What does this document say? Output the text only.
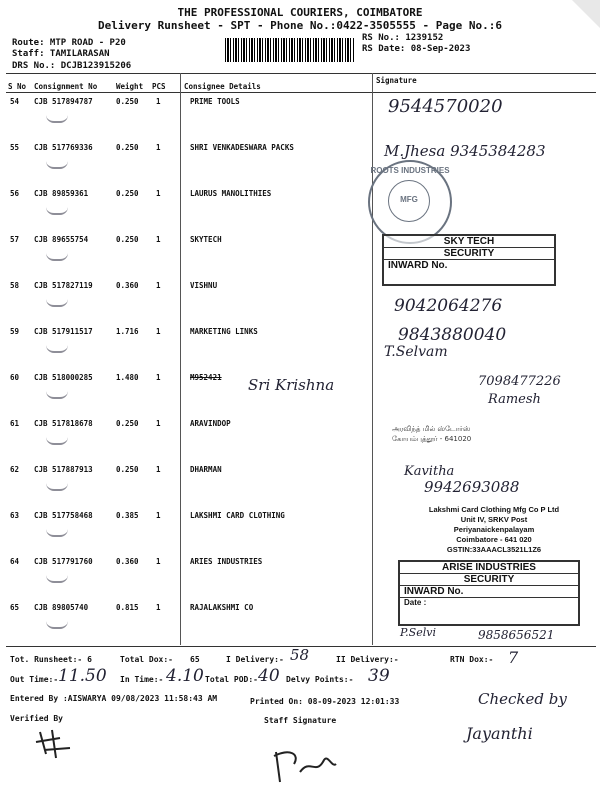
THE PROFESSIONAL COURIERS, COIMBATORE
Delivery Runsheet - SPT - Phone No.:0422-3505555 - Page No.:6
Route: MTP ROAD - P20
Staff: TAMILARASAN
DRS No.: DCJB123915206
RS No.: 1239152
RS Date: 08-Sep-2023
S No Consignment No	Weight PCS Consignee Details
Signature
54 CJB 517894787	0.250 1	PRIME TOOLS
55 CJB 517769336	0.250 1	SHRI VENKADESWARA PACKS
56 CJB 89859361	0.250 1	LAURUS MANOLITHIES
57 CJB 89655754	0.250 1	SKYTECH
58 CJB 517827119	0.360 1	VISHNU
59 CJB 517911517	1.716 1	MARKETING LINKS
60 CJB 518000285	1.480 1	M952421
61 CJB 517818678	0.250 1	ARAVINDOP
62 CJB 517887913	0.250 1	DHARMAN
63 CJB 517758468	0.385 1	LAKSHMI CARD CLOTHING
64 CJB 517791760	0.360 1	ARIES INDUSTRIES
65 CJB 89805740	0.815 1	RAJALAKSHMI CO
9544570020
M.Jhesa 9345384283
9042064276
9843880040
T.Selvam
Sri Krishna	7098477226
Ramesh
Kavitha
9942693088
P.Selvi	9858656521
ROOTS INDUSTRIES
MFG
SKY TECH
SECURITY
INWARD No.
அரவிந்த் மில் ஸ்டோர்ஸ்
கோயம்புத்தூர் - 641020
Lakshmi Card Clothing Mfg Co P Ltd
Unit IV, SRKV Post
Periyanaickenpalayam
Coimbatore - 641 020
GSTIN:33AAACL3521L1Z6
ARISE INDUSTRIES
SECURITY
INWARD No.
Date :
Tot. Runsheet:- 6	Total Dox:- 65	I Delivery:- 58	II Delivery:-	RTN Dox:- 7
Out Time:- 11.50 In Time:- 4.10 Total POD:- 40 Delvy Points:- 39
Entered By :AISWARYA 09/08/2023 11:58:43 AM	Printed On: 08-09-2023 12:01:33
Verified By	Staff Signature
Checked by
Jayanthi
